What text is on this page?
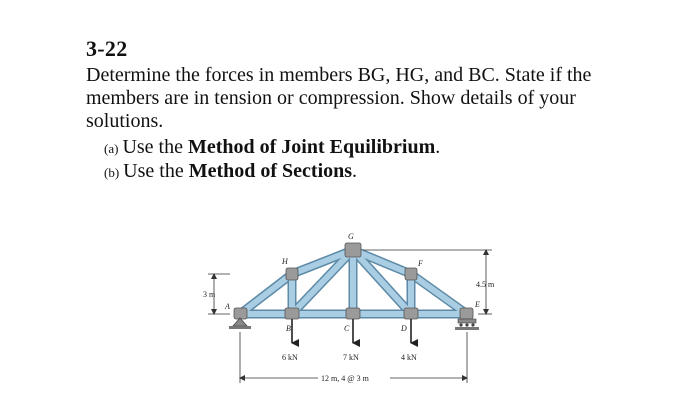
3-22

Determine the forces in members BG, HG, and BC. State if the members are in tension or compression. Show details of your solutions.

(a) Use the Method of Joint Equilibrium.
(b) Use the Method of Sections.
A
B	C	D
E
F
G
H
6 kN	7 kN	4 kN
3 m
4.5 m
12 m, 4 @ 3 m
